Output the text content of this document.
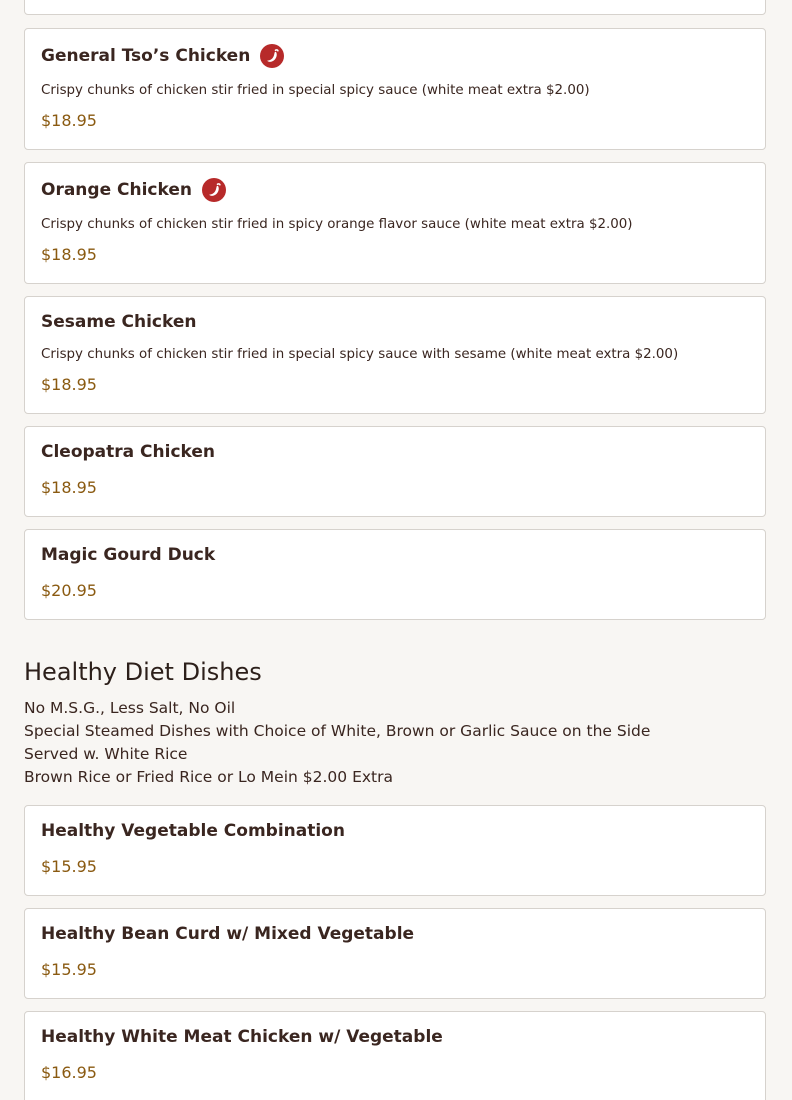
General Tso’s Chicken

Crispy chunks of chicken stir fried in special spicy sauce (white meat extra $2.00)

$18.95

Orange Chicken

Crispy chunks of chicken stir fried in spicy orange flavor sauce (white meat extra $2.00)

$18.95

Sesame Chicken

Crispy chunks of chicken stir fried in special spicy sauce with sesame (white meat extra $2.00)

$18.95

Cleopatra Chicken

$18.95

Magic Gourd Duck

$20.95

Healthy Diet Dishes
No M.S.G., Less Salt, No Oil
Special Steamed Dishes with Choice of White, Brown or Garlic Sauce on the Side
Served w. White Rice
Brown Rice or Fried Rice or Lo Mein $2.00 Extra
Healthy Vegetable Combination

$15.95

Healthy Bean Curd w/ Mixed Vegetable

$15.95

Healthy White Meat Chicken w/ Vegetable

$16.95
